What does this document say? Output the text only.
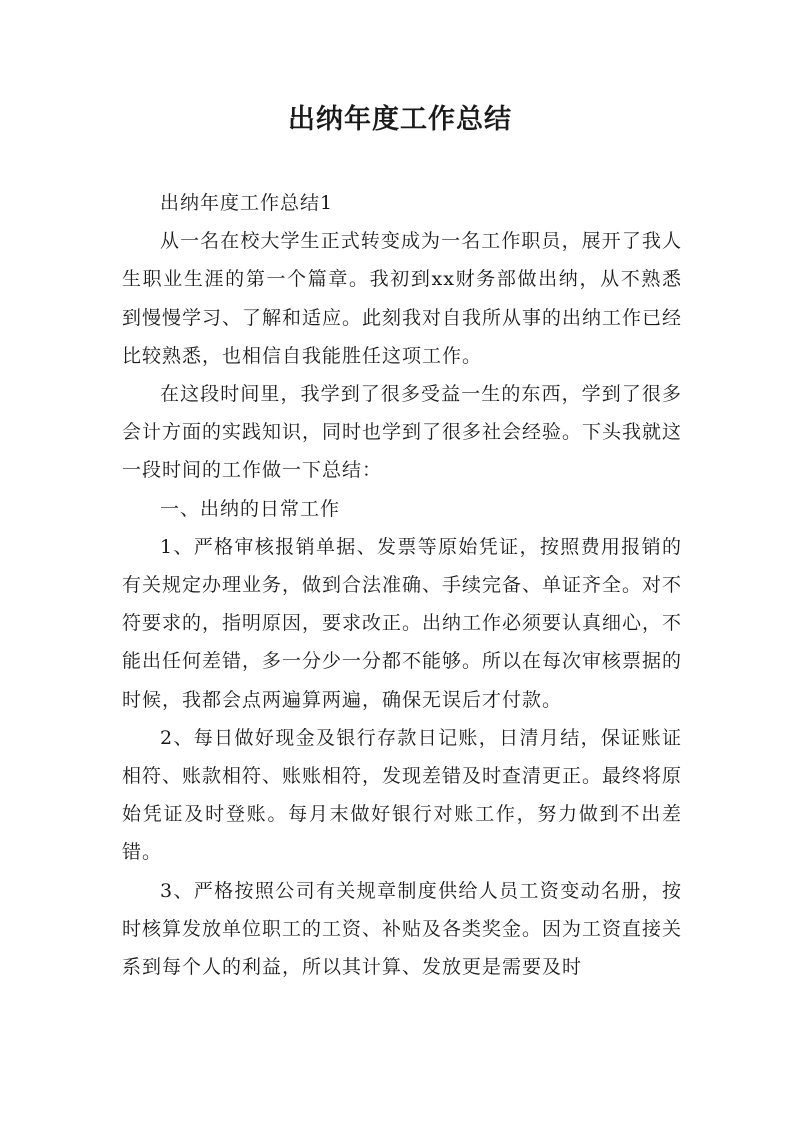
出纳年度工作总结

出纳年度工作总结1

从一名在校大学生正式转变成为一名工作职员，展开了我人生职业生涯的第一个篇章。我初到xx财务部做出纳，从不熟悉到慢慢学习、了解和适应。此刻我对自我所从事的出纳工作已经比较熟悉，也相信自我能胜任这项工作。

在这段时间里，我学到了很多受益一生的东西，学到了很多会计方面的实践知识，同时也学到了很多社会经验。下头我就这一段时间的工作做一下总结：

一、出纳的日常工作

1、严格审核报销单据、发票等原始凭证，按照费用报销的有关规定办理业务，做到合法准确、手续完备、单证齐全。对不符要求的，指明原因，要求改正。出纳工作必须要认真细心，不能出任何差错，多一分少一分都不能够。所以在每次审核票据的时候，我都会点两遍算两遍，确保无误后才付款。

2、每日做好现金及银行存款日记账，日清月结，保证账证相符、账款相符、账账相符，发现差错及时查清更正。最终将原始凭证及时登账。每月末做好银行对账工作，努力做到不出差错。

3、严格按照公司有关规章制度供给人员工资变动名册，按时核算发放单位职工的工资、补贴及各类奖金。因为工资直接关系到每个人的利益，所以其计算、发放更是需要及时
